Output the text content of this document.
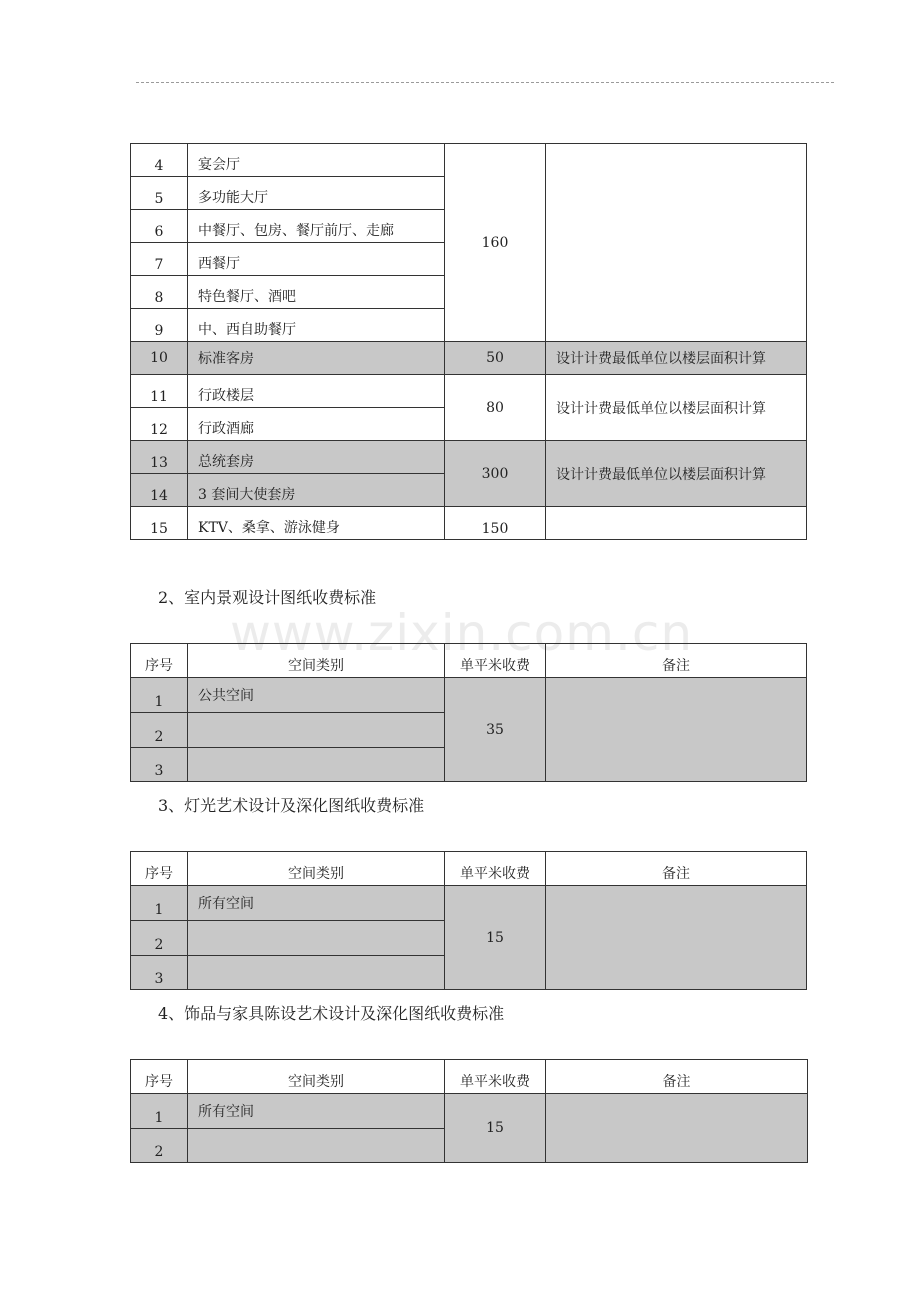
4	宴会厅	160	
5	多功能大厅		
6	中餐厅、包房、餐厅前厅、走廊		
7	西餐厅		
8	特色餐厅、酒吧		
9	中、西自助餐厅		
10	标准客房	50	设计计费最低单位以楼层面积计算
11	行政楼层	80	设计计费最低单位以楼层面积计算
12	行政酒廊		
13	总统套房	300	设计计费最低单位以楼层面积计算
14	3 套间大使套房		
15	KTV、桑拿、游泳健身	150	
2、室内景观设计图纸收费标准
www.zixin.com.cn
序号	空间类别	单平米收费	备注
1	公共空间	35	
2			
3			
3、灯光艺术设计及深化图纸收费标准
序号	空间类别	单平米收费	备注
1	所有空间	15	
2			
3			
4、饰品与家具陈设艺术设计及深化图纸收费标准
序号	空间类别	单平米收费	备注
1	所有空间	15	
2			
